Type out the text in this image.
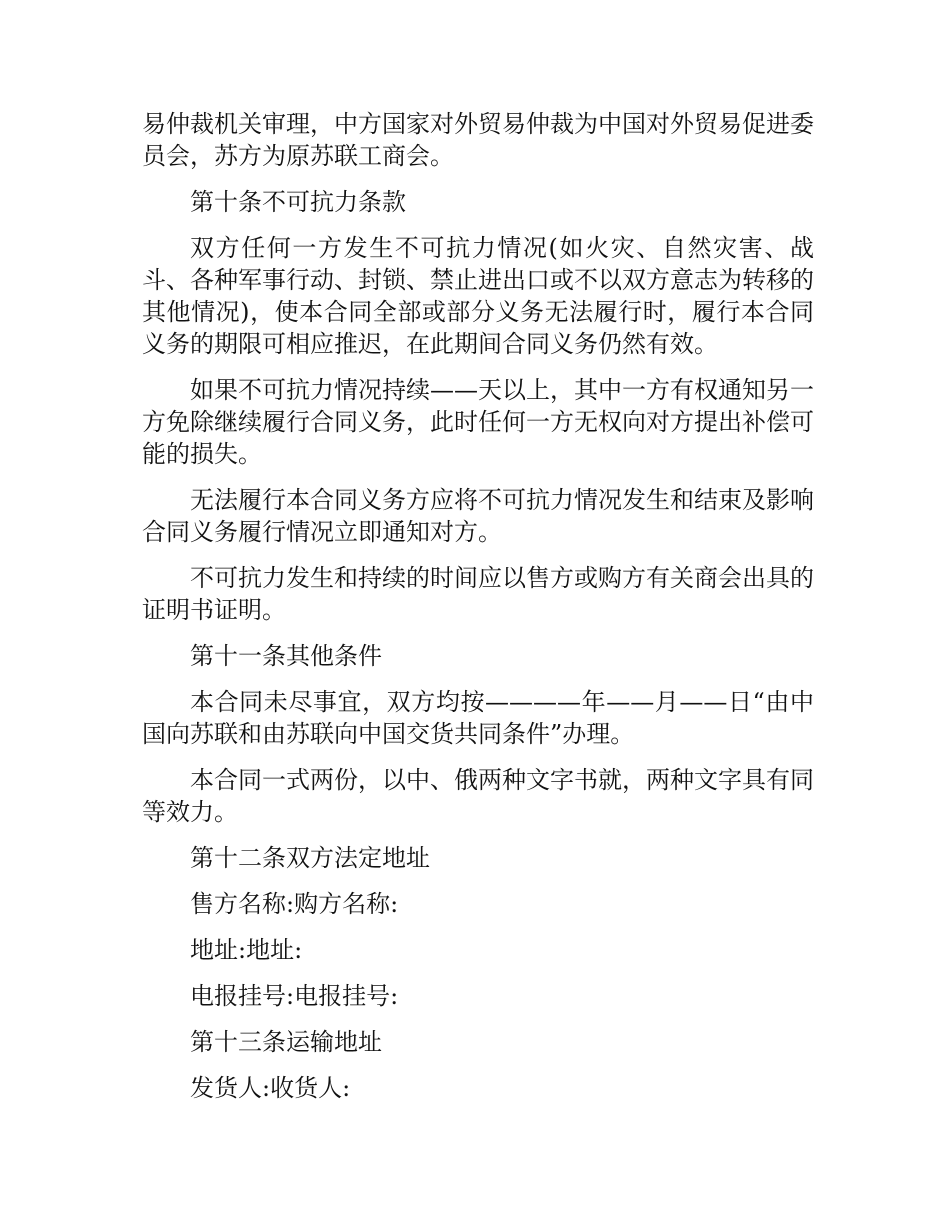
易仲裁机关审理，中方国家对外贸易仲裁为中国对外贸易促进委员会，苏方为原苏联工商会。

第十条不可抗力条款

双方任何一方发生不可抗力情况(如火灾、自然灾害、战斗、各种军事行动、封锁、禁止进出口或不以双方意志为转移的其他情况)，使本合同全部或部分义务无法履行时，履行本合同义务的期限可相应推迟，在此期间合同义务仍然有效。

如果不可抗力情况持续——天以上，其中一方有权通知另一方免除继续履行合同义务，此时任何一方无权向对方提出补偿可能的损失。

无法履行本合同义务方应将不可抗力情况发生和结束及影响合同义务履行情况立即通知对方。

不可抗力发生和持续的时间应以售方或购方有关商会出具的证明书证明。

第十一条其他条件

本合同未尽事宜，双方均按————年——月——日“由中国向苏联和由苏联向中国交货共同条件”办理。

本合同一式两份，以中、俄两种文字书就，两种文字具有同等效力。

第十二条双方法定地址

售方名称:购方名称:

地址:地址:

电报挂号:电报挂号:

第十三条运输地址

发货人:收货人:
